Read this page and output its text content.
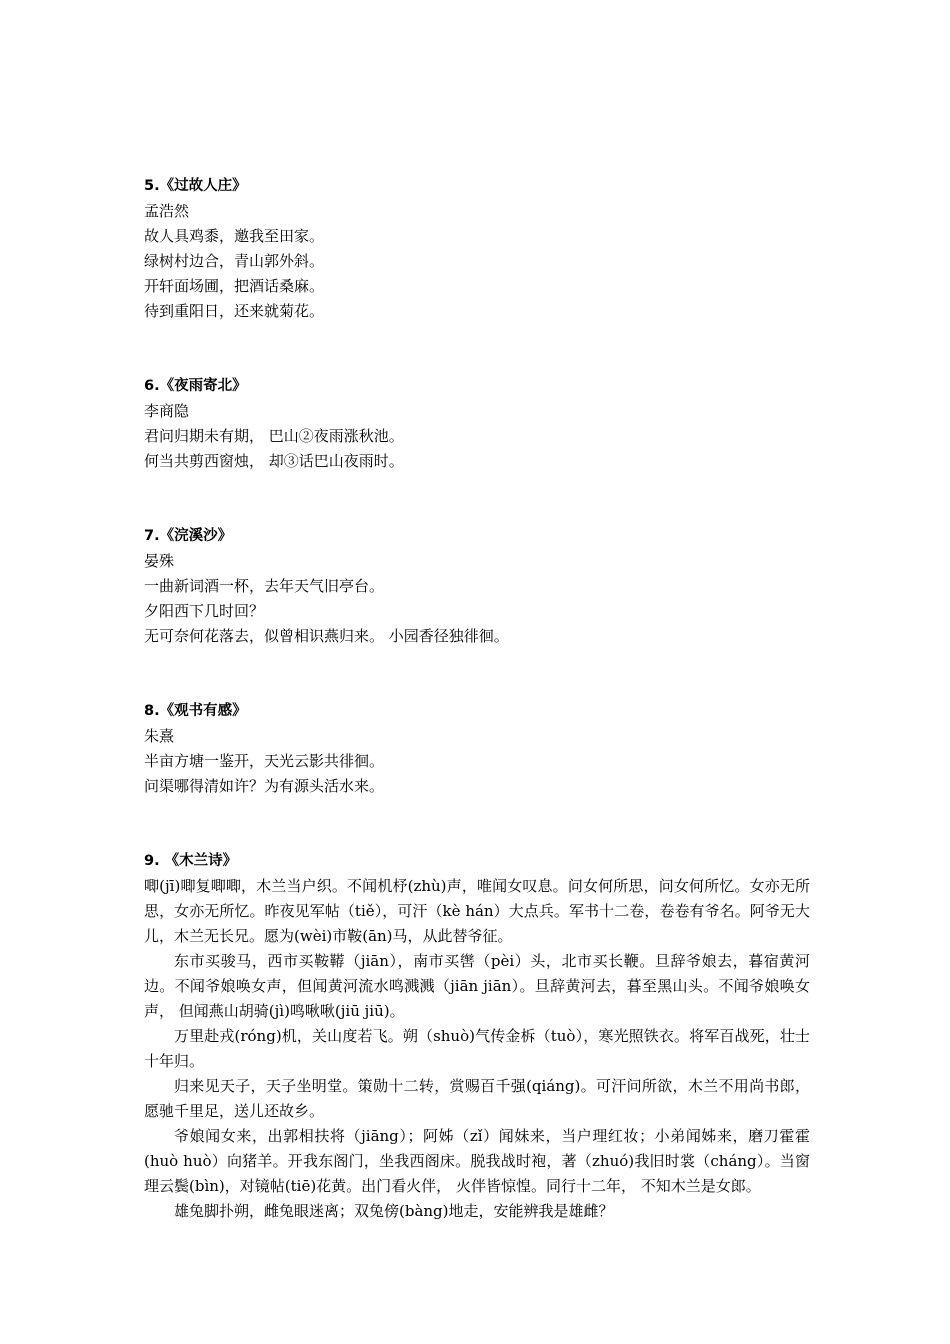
5.《过故人庄》
孟浩然
故人具鸡黍，邀我至田家。
绿树村边合，青山郭外斜。
开轩面场圃，把酒话桑麻。
待到重阳日，还来就菊花。
6.《夜雨寄北》
李商隐
君问归期未有期， 巴山②夜雨涨秋池。
何当共剪西窗烛， 却③话巴山夜雨时。
7.《浣溪沙》
晏殊
一曲新词酒一杯，去年天气旧亭台。
夕阳西下几时回？
无可奈何花落去，似曾相识燕归来。 小园香径独徘徊。
8.《观书有感》
朱熹
半亩方塘一鉴开，天光云影共徘徊。
问渠哪得清如许？为有源头活水来。
9. 《木兰诗》
唧(jī)唧复唧唧，木兰当户织。不闻机杼(zhù)声，唯闻女叹息。问女何所思，问女何所忆。女亦无所思，女亦无所忆。昨夜见军帖（tiě），可汗（kè hán）大点兵。军书十二卷，卷卷有爷名。阿爷无大儿，木兰无长兄。愿为(wèi)市鞍(ān)马，从此替爷征。
东市买骏马，西市买鞍鞯（jiān），南市买辔（pèi）头，北市买长鞭。旦辞爷娘去，暮宿黄河边。不闻爷娘唤女声，但闻黄河流水鸣溅溅（jiān jiān）。旦辞黄河去，暮至黑山头。不闻爷娘唤女声， 但闻燕山胡骑(jì)鸣啾啾(jiū jiū)。
万里赴戎(róng)机，关山度若飞。朔（shuò)气传金柝（tuò），寒光照铁衣。将军百战死，壮士十年归。
归来见天子，天子坐明堂。策勋十二转，赏赐百千强(qiáng)。可汗问所欲，木兰不用尚书郎， 愿驰千里足，送儿还故乡。
爷娘闻女来，出郭相扶将（jiāng）；阿姊（zǐ）闻妹来，当户理红妆；小弟闻姊来，磨刀霍霍(huò huò）向猪羊。开我东阁门，坐我西阁床。脱我战时袍，著（zhuó)我旧时裳（cháng）。当窗理云鬓(bìn)，对镜帖(tiē)花黄。出门看火伴， 火伴皆惊惶。同行十二年， 不知木兰是女郎。
雄兔脚扑朔，雌兔眼迷离；双兔傍(bàng)地走，安能辨我是雄雌？
